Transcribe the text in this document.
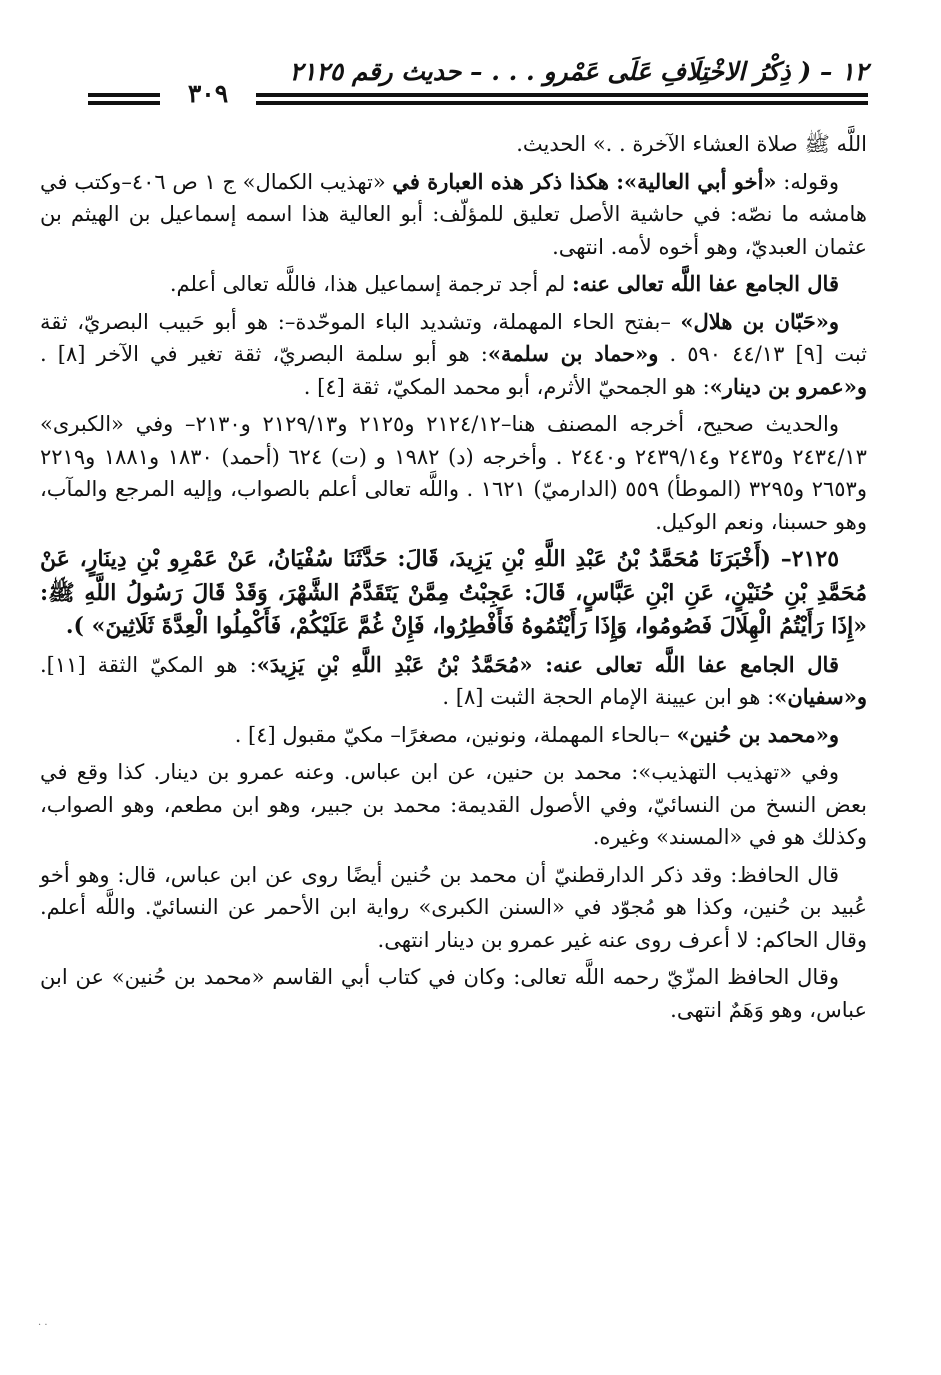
١٢ – ( ذِكْرُ الاخْتِلَافِ عَلَى عَمْرو . . . – حديث رقم ٢١٢٥
٣٠٩

اللَّه ﷺ صلاة العشاء الآخرة . .» الحديث.

وقوله: «أخو أبي العالية»: هكذا ذكر هذه العبارة في «تهذيب الكمال» ج ١ ص ٤٠٦–وكتب في هامشه ما نصّه: في حاشية الأصل تعليق للمؤلّف: أبو العالية هذا اسمه إسماعيل بن الهيثم بن عثمان العبديّ، وهو أخوه لأمه. انتهى.

قال الجامع عفا اللَّه تعالى عنه: لم أجد ترجمة إسماعيل هذا، فاللَّه تعالى أعلم.

و«حَبّان بن هلال» –بفتح الحاء المهملة، وتشديد الباء الموحّدة–: هو أبو حَبيب البصريّ، ثقة ثبت [٩] ٤٤/١٣ ٥٩٠ . و«حماد بن سلمة»: هو أبو سلمة البصريّ، ثقة تغير في الآخر [٨] . و«عمرو بن دينار»: هو الجمحيّ الأثرم، أبو محمد المكيّ، ثقة [٤] .

والحديث صحيح، أخرجه المصنف هنا–٢١٢٤/١٢ و٢١٢٥ و٢١٢٩/١٣ و٢١٣٠– وفي «الكبرى» ٢٤٣٤/١٣ و٢٤٣٥ و٢٤٣٩/١٤ و٢٤٤٠ . وأخرجه (د) ١٩٨٢ و (ت) ٦٢٤ (أحمد) ١٨٣٠ و١٨٨١ و٢٢١٩ و٢٦٥٣ و٣٢٩٥ (الموطأ) ٥٥٩ (الدارميّ) ١٦٢١ . واللَّه تعالى أعلم بالصواب، وإليه المرجع والمآب، وهو حسبنا، ونعم الوكيل.

٢١٢٥– (أَخْبَرَنَا مُحَمَّدُ بْنُ عَبْدِ اللَّهِ بْنِ يَزِيدَ، قَالَ: حَدَّثَنَا سُفْيَانُ، عَنْ عَمْرِو بْنِ دِينَارٍ، عَنْ مُحَمَّدِ بْنِ حُنَيْنٍ، عَنِ ابْنِ عَبَّاسٍ، قَالَ: عَجِبْتُ مِمَّنْ يَتَقَدَّمُ الشَّهْرَ، وَقَدْ قَالَ رَسُولُ اللَّهِ ﷺ: «إِذَا رَأَيْتُمُ الْهِلَالَ فَصُومُوا، وَإِذَا رَأَيْتُمُوهُ فَأَفْطِرُوا، فَإِنْ غُمَّ عَلَيْكُمْ، فَأَكْمِلُوا الْعِدَّةَ ثَلَاثِينَ» ).

قال الجامع عفا اللَّه تعالى عنه: «مُحَمَّدُ بْنُ عَبْدِ اللَّهِ بْنِ يَزِيدَ»: هو المكيّ الثقة [١١]. و«سفيان»: هو ابن عيينة الإمام الحجة الثبت [٨] .

و«محمد بن حُنين» –بالحاء المهملة، ونونين، مصغرًا– مكيّ مقبول [٤] .

وفي «تهذيب التهذيب»: محمد بن حنين، عن ابن عباس. وعنه عمرو بن دينار. كذا وقع في بعض النسخ من النسائيّ، وفي الأصول القديمة: محمد بن جبير، وهو ابن مطعم، وهو الصواب، وكذلك هو في «المسند» وغيره.

قال الحافظ: وقد ذكر الدارقطنيّ أن محمد بن حُنين أيضًا روى عن ابن عباس، قال: وهو أخو عُبيد بن حُنين، وكذا هو مُجوّد في «السنن الكبرى» رواية ابن الأحمر عن النسائيّ. واللَّه أعلم. وقال الحاكم: لا أعرف روى عنه غير عمرو بن دينار انتهى.

وقال الحافظ المزّيّ رحمه اللَّه تعالى: وكان في كتاب أبي القاسم «محمد بن حُنين» عن ابن عباس، وهو وَهَمٌ انتهى.

· ·
